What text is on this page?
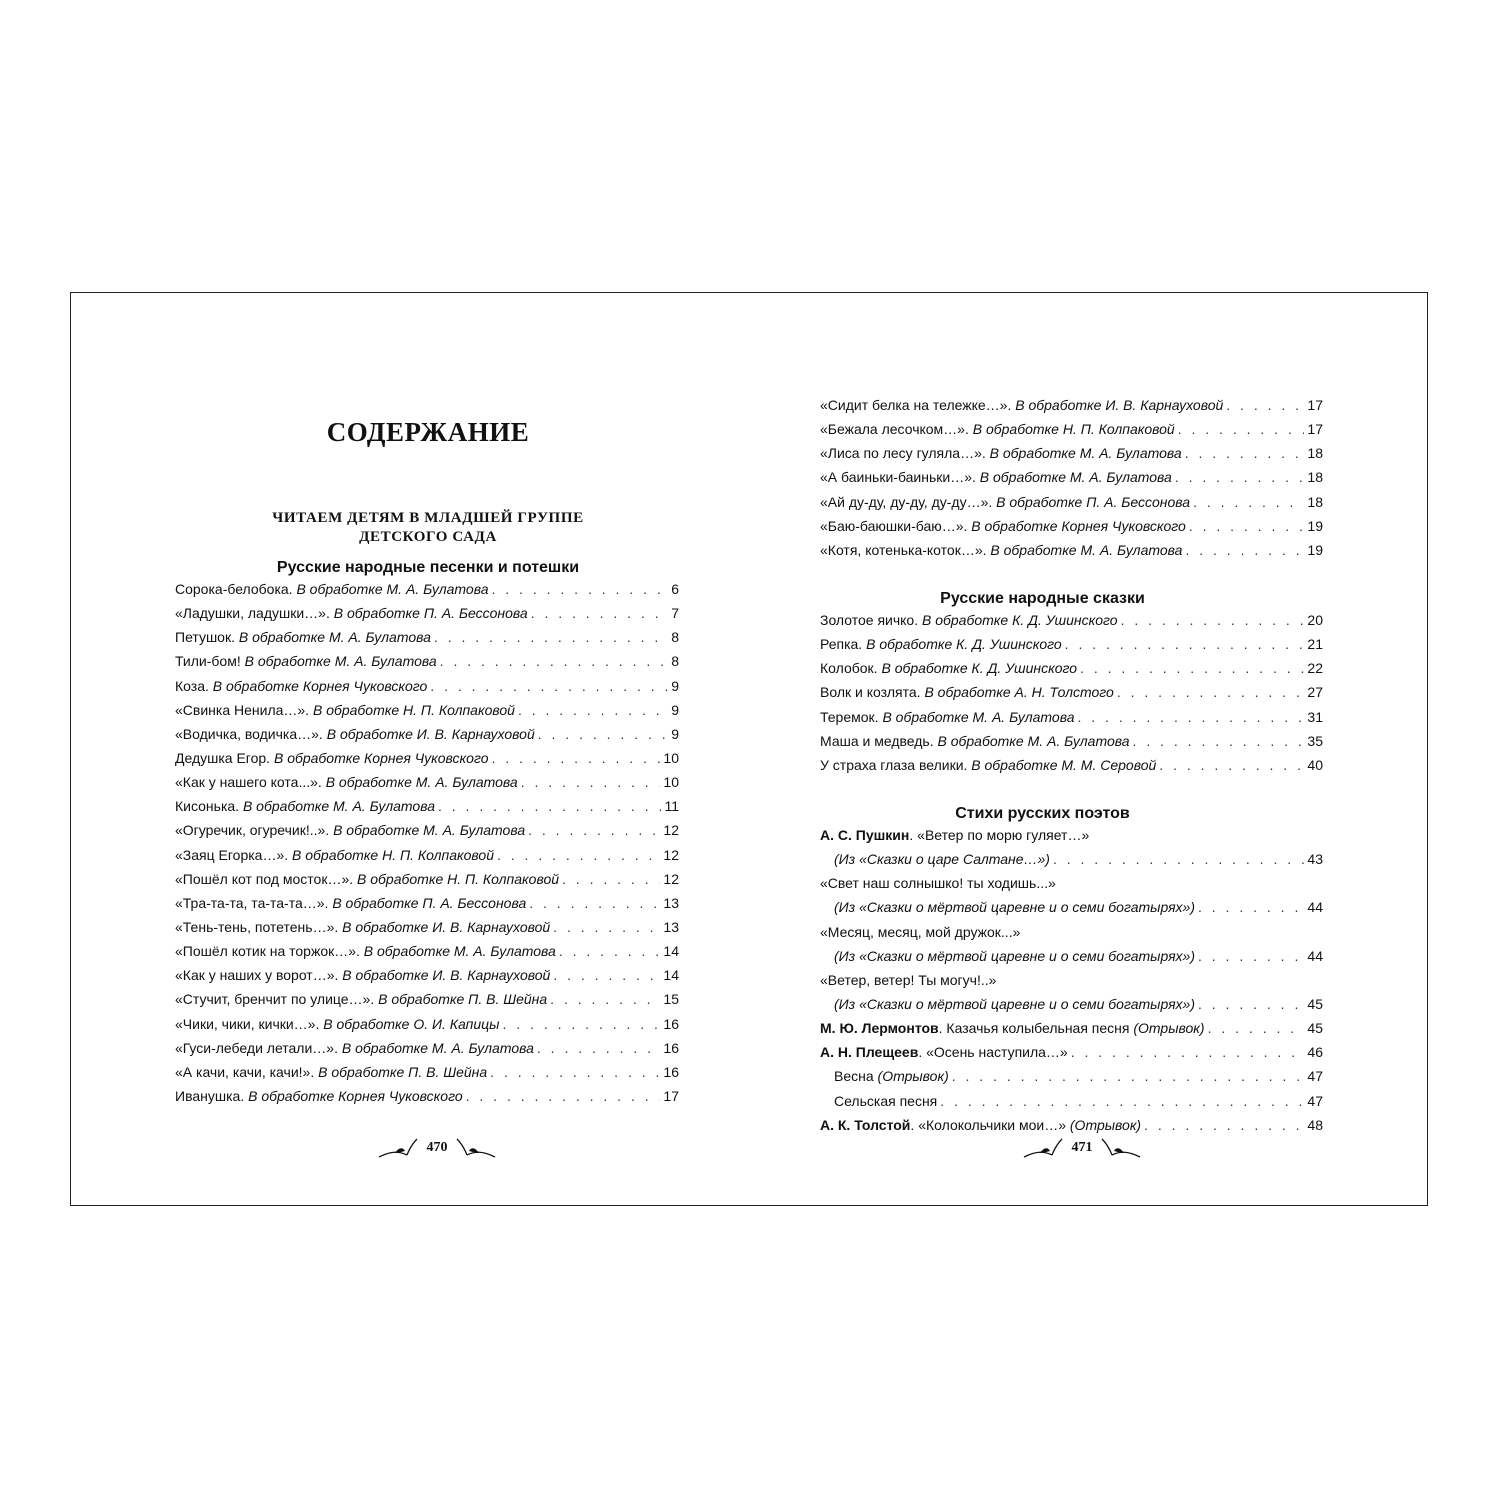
СОДЕРЖАНИЕ
ЧИТАЕМ ДЕТЯМ В МЛАДШЕЙ ГРУППЕ
ДЕТСКОГО САДА
Русские народные песенки и потешки
Сорока-белобока. В обработке М. А. Булатова . . .	6
«Ладушки, ладушки…». В обработке П. А. Бессонова . . .	7
Петушок. В обработке М. А. Булатова . . .	8
Тили-бом! В обработке М. А. Булатова . . .	8
Коза. В обработке Корнея Чуковского . . .	9
«Свинка Ненила…». В обработке Н. П. Колпаковой . . .	9
«Водичка, водичка…». В обработке И. В. Карнауховой . . .	9
Дедушка Егор. В обработке Корнея Чуковского . . .	10
«Как у нашего кота...». В обработке М. А. Булатова . . .	10
Кисонька. В обработке М. А. Булатова . . .	11
«Огуречик, огуречик!..». В обработке М. А. Булатова . . .	12
«Заяц Егорка…». В обработке Н. П. Колпаковой . . .	12
«Пошёл кот под мосток…». В обработке Н. П. Колпаковой . . .	12
«Тра-та-та, та-та-та…». В обработке П. А. Бессонова . . .	13
«Тень-тень, потетень…». В обработке И. В. Карнауховой . . .	13
«Пошёл котик на торжок…». В обработке М. А. Булатова . . .	14
«Как у наших у ворот…». В обработке И. В. Карнауховой . . .	14
«Стучит, бренчит по улице…». В обработке П. В. Шейна . . .	15
«Чики, чики, кички…». В обработке О. И. Капицы . . .	16
«Гуси-лебеди летали…». В обработке М. А. Булатова . . .	16
«А качи, качи, качи!». В обработке П. В. Шейна . . .	16
Иванушка. В обработке Корнея Чуковского . . .	17
470
«Сидит белка на тележке…». В обработке И. В. Карнауховой . . .	17
«Бежала лесочком…». В обработке Н. П. Колпаковой . . .	17
«Лиса по лесу гуляла…». В обработке М. А. Булатова . . .	18
«А баиньки-баиньки…». В обработке М. А. Булатова . . .	18
«Ай ду-ду, ду-ду, ду-ду…». В обработке П. А. Бессонова . . .	18
«Баю-баюшки-баю…». В обработке Корнея Чуковского . . .	19
«Котя, котенька-коток…». В обработке М. А. Булатова . . .	19
Русские народные сказки
Золотое яичко. В обработке К. Д. Ушинского . . .	20
Репка. В обработке К. Д. Ушинского . . .	21
Колобок. В обработке К. Д. Ушинского . . .	22
Волк и козлята. В обработке А. Н. Толстого . . .	27
Теремок. В обработке М. А. Булатова . . .	31
Маша и медведь. В обработке М. А. Булатова . . .	35
У страха глаза велики. В обработке М. М. Серовой . . .	40
Стихи русских поэтов
А. С. Пушкин. «Ветер по морю гуляет…»
(Из «Сказки о царе Салтане…») . . .	43
«Свет наш солнышко! ты ходишь...»
(Из «Сказки о мёртвой царевне и о семи богатырях») . . .	44
«Месяц, месяц, мой дружок...»
(Из «Сказки о мёртвой царевне и о семи богатырях») . . .	44
«Ветер, ветер! Ты могуч!..»
(Из «Сказки о мёртвой царевне и о семи богатырях») . . .	45
М. Ю. Лермонтов. Казачья колыбельная песня (Отрывок) . . .	45
А. Н. Плещеев. «Осень наступила…» . . .	46
Весна (Отрывок) . . .	47
Сельская песня . . .	47
А. К. Толстой. «Колокольчики мои…» (Отрывок) . . .	48
471
